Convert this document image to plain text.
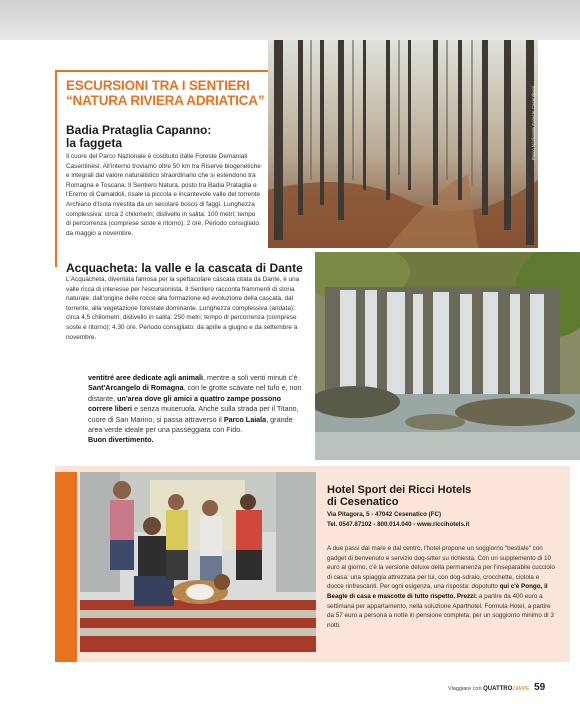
ESCURSIONI TRA I SENTIERI
“NATURA RIVIERA ADRIATICA”
Badia Prataglia Capanno:
la faggeta
Il cuore del Parco Nazionale è costituito dalle Foreste Demaniali Casentinesi. All'interno troviamo oltre 50 km tra Riserve biogenetiche e integrali dal valore naturalistico straordinario che si estendono tra Romagna e Toscana. Il Sentiero Natura, posto tra Badia Prataglia e l'Eremo di Camaldoli, risale la piccola e incantevole valle del torrente Archiano d'Isola rivestita da un secolare bosco di faggi. Lunghezza complessiva: circa 2 chilometri; dislivello in salita: 100 metri; tempo di percorrenza (comprese soste e ritorno): 2 ore. Periodo consigliato: da maggio a novembre.
Parco Nazionale Foreste Casentinesi
Acquacheta: la valle e la cascata di Dante
L'Acquacheta, diventata famosa per la spettacolare cascata citata da Dante, è una valle ricca di interesse per l'escursionista. Il Sentiero racconta frammenti di storia naturale: dall'origine delle rocce alla formazione ed evoluzione della cascata, dal torrente, alla vegetazione forestale dominante. Lunghezza complessiva (andata): circa 4,5 chilometri; dislivello in salita: 250 metri; tempo di percorrenza (comprese soste e ritorno): 4,30 ore. Periodo consigliato: da aprile a giugno e da settembre a novembre.
ventitré aree dedicate agli animali, mentre a soli venti minuti c'è Sant'Arcangelo di Romagna, con le grotte scavate nel tufo e, non distante, un'area dove gli amici a quattro zampe possono correre liberi e senza museruola. Anche sulla strada per il Titano, cuore di San Marino, si passa attraverso il Parco Laiala, grande area verde ideale per una passeggiata con Fido.
Buon divertimento.
IO POSSO ENTRARE
Hotel Sport dei Ricci Hotels
di Cesenatico
Via Pitagora, 5 - 47042 Cesenatico (FC)
Tel. 0547.87102 - 800.014.040 - www.riccihotels.it
A due passi dal mare e dal centro, l'hotel propone un soggiorno “bestiale” con gadget di benvenuto e servizio dog-sitter su richiesta. Con un supplemento di 10 euro al giorno, c'è la versione deluxe della permanenza per l'inseparabile cucciolo di casa: una spiaggia attrezzata per lui, con dog-sdraio, crocchette, ciotola e docce rinfrescanti. Per ogni esigenza, una risposta: dopotutto qui c'è Pongo, il Beagle di casa e mascotte di tutto rispetto. Prezzi: a partire da 400 euro a settimana per appartamento, nella soluzione Aparthotel. Formula Hotel, a partire da 57 euro a persona a notte in pensione completa, per un soggiorno minimo di 3 notti.
Viaggiare con QUATTROZAMPE 59
